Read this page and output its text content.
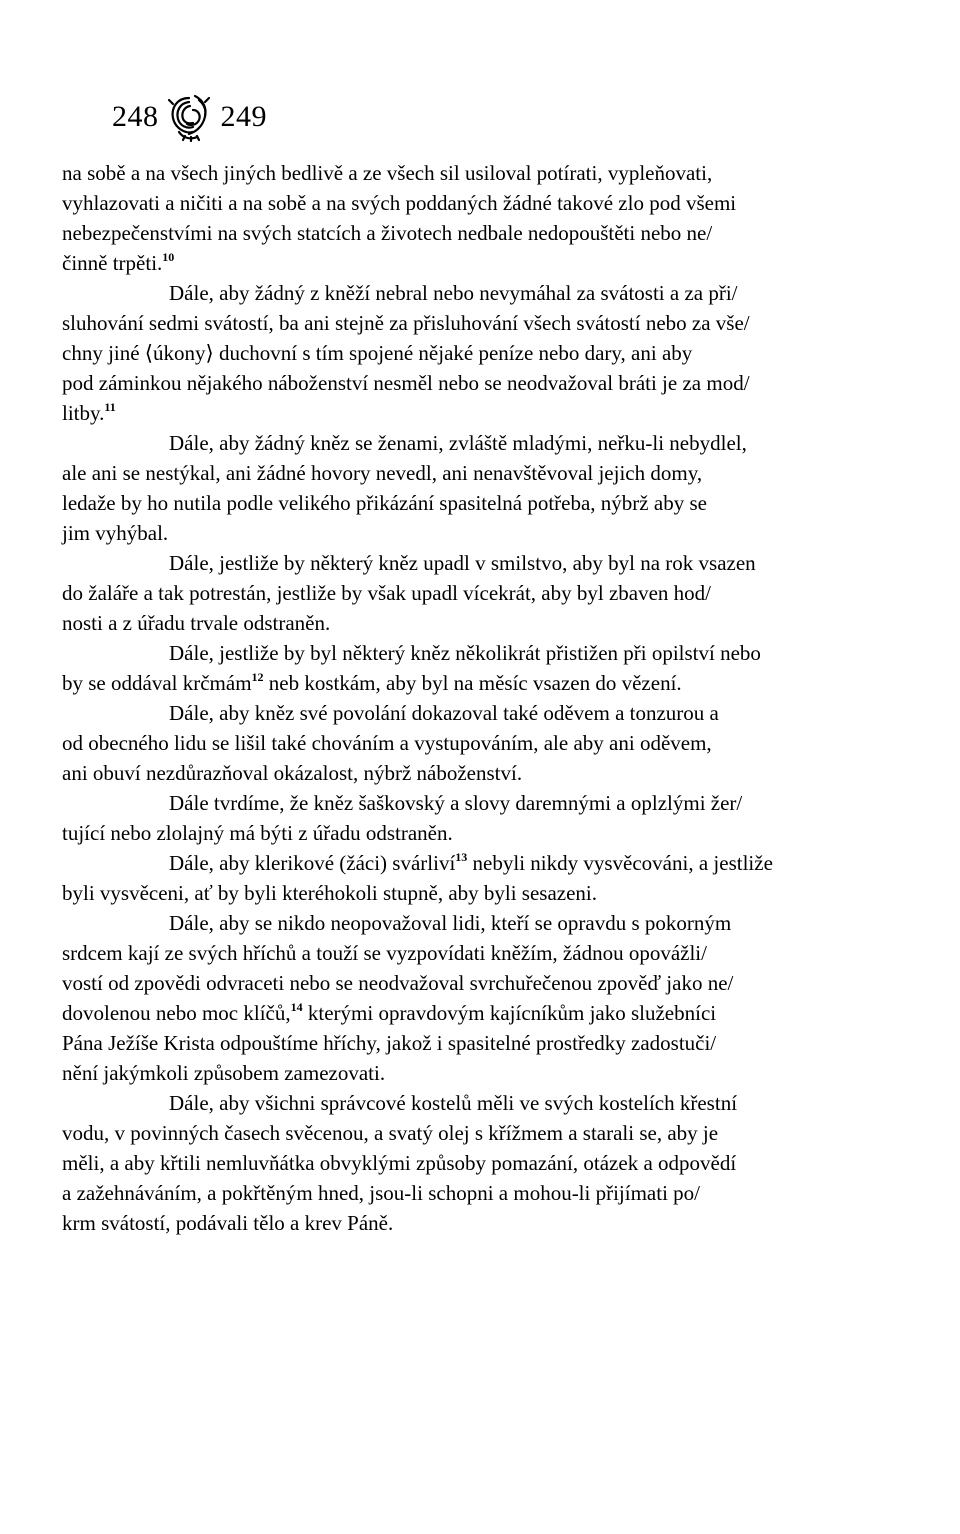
248 249
na sobě a na všech jiných bedlivě a ze všech sil usiloval potírati, vypleňovati,
vyhlazovati a ničiti a na sobě a na svých poddaných žádné takové zlo pod všemi
nebezpečenstvími na svých statcích a životech nedbale nedopouštěti nebo ne/
činně trpěti.$^{10}$
Dále, aby žádný z kněží nebral nebo nevymáhal za svátosti a za při/
sluhování sedmi svátostí, ba ani stejně za přisluhování všech svátostí nebo za vše/
chny jiné ⟨úkony⟩ duchovní s tím spojené nějaké peníze nebo dary, ani aby
pod záminkou nějakého náboženství nesměl nebo se neodvažoval bráti je za mod/
litby.$^{11}$
Dále, aby žádný kněz se ženami, zvláště mladými, neřku-li nebydlel,
ale ani se nestýkal, ani žádné hovory nevedl, ani nenavštěvoval jejich domy,
ledaže by ho nutila podle velikého přikázání spasitelná potřeba, nýbrž aby se
jim vyhýbal.
Dále, jestliže by některý kněz upadl v smilstvo, aby byl na rok vsazen
do žaláře a tak potrestán, jestliže by však upadl vícekrát, aby byl zbaven hod/
nosti a z úřadu trvale odstraněn.
Dále, jestliže by byl některý kněz několikrát přistižen při opilství nebo
by se oddával krčmám$^{12}$ neb kostkám, aby byl na měsíc vsazen do vězení.
Dále, aby kněz své povolání dokazoval také oděvem a tonzurou a
od obecného lidu se lišil také chováním a vystupováním, ale aby ani oděvem,
ani obuví nezdůrazňoval okázalost, nýbrž náboženství.
Dále tvrdíme, že kněz šaškovský a slovy daremnými a oplzlými žer/
tující nebo zlolajný má býti z úřadu odstraněn.
Dále, aby klerikové (žáci) svárliví$^{13}$ nebyli nikdy vysvěcováni, a jestliže
byli vysvěceni, ať by byli kteréhokoli stupně, aby byli sesazeni.
Dále, aby se nikdo neopovažoval lidi, kteří se opravdu s pokorným
srdcem kají ze svých hříchů a touží se vyzpovídati kněžím, žádnou opovážli/
vostí od zpovědi odvraceti nebo se neodvažoval svrchuřečenou zpověď jako ne/
dovolenou nebo moc klíčů,$^{14}$ kterými opravdovým kajícníkům jako služebníci
Pána Ježíše Krista odpouštíme hříchy, jakož i spasitelné prostředky zadostuči/
nění jakýmkoli způsobem zamezovati.
Dále, aby všichni správcové kostelů měli ve svých kostelích křestní
vodu, v povinných časech svěcenou, a svatý olej s křížmem a starali se, aby je
měli, a aby křtili nemluvňátka obvyklými způsoby pomazání, otázek a odpovědí
a zažehnáváním, a pokřtěným hned, jsou-li schopni a mohou-li přijímati po/
krm svátostí, podávali tělo a krev Páně.
